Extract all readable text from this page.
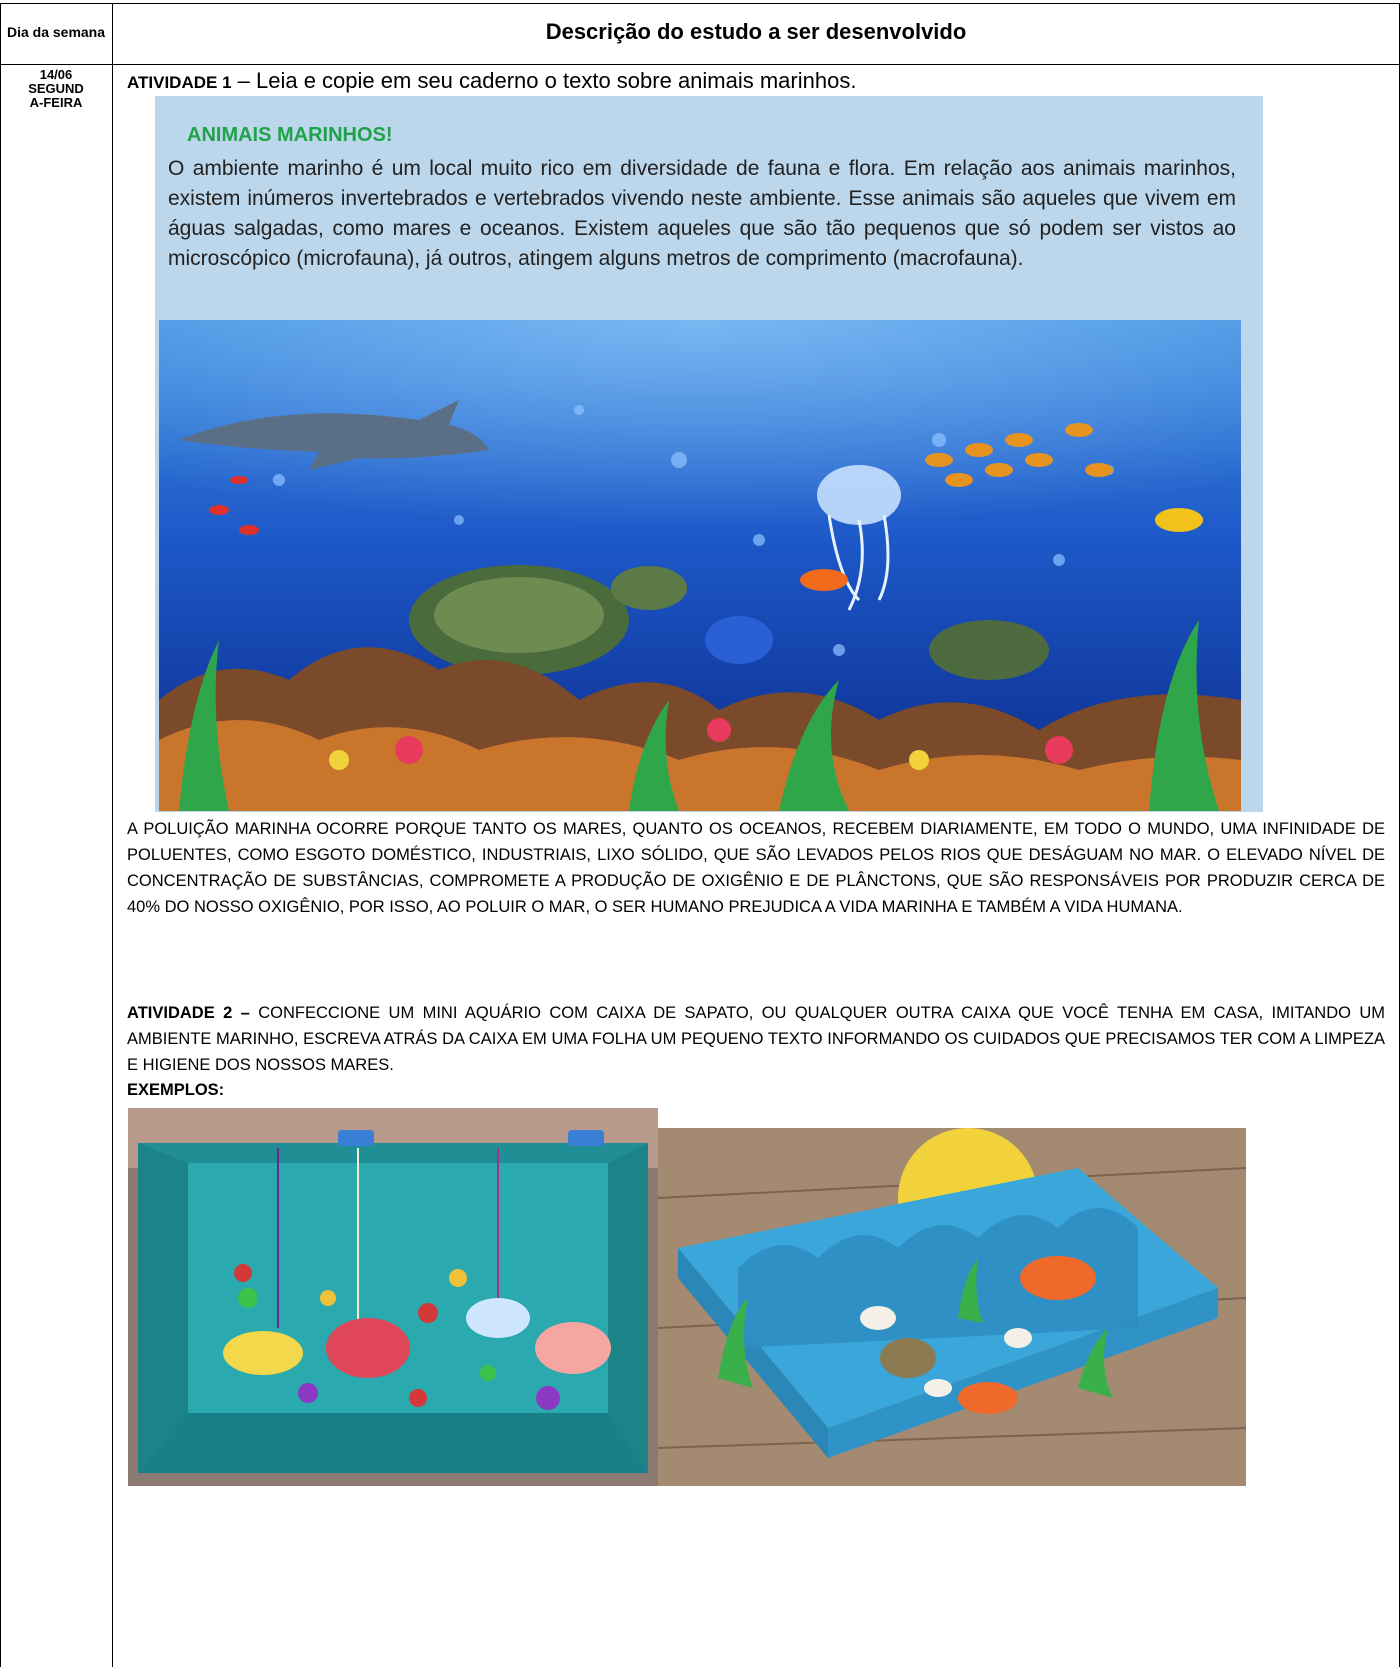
Dia da semana	Descrição do estudo a ser desenvolvido
14/06
SEGUND
A-FEIRA
ATIVIDADE 1 – Leia e copie em seu caderno o texto sobre animais marinhos.
ANIMAIS MARINHOS!
O ambiente marinho é um local muito rico em diversidade de fauna e flora. Em relação aos animais marinhos, existem inúmeros invertebrados e vertebrados vivendo neste ambiente. Esse animais são aqueles que vivem em águas salgadas, como mares e oceanos. Existem aqueles que são tão pequenos que só podem ser vistos ao microscópico (microfauna), já outros, atingem alguns metros de comprimento (macrofauna).
A POLUIÇÃO MARINHA OCORRE PORQUE TANTO OS MARES, QUANTO OS OCEANOS, RECEBEM DIARIAMENTE, EM TODO O MUNDO, UMA INFINIDADE DE POLUENTES, COMO ESGOTO DOMÉSTICO, INDUSTRIAIS, LIXO SÓLIDO, QUE SÃO LEVADOS PELOS RIOS QUE DESÁGUAM NO MAR. O ELEVADO NÍVEL DE CONCENTRAÇÃO DE SUBSTÂNCIAS, COMPROMETE A PRODUÇÃO DE OXIGÊNIO E DE PLÂNCTONS, QUE SÃO RESPONSÁVEIS POR PRODUZIR CERCA DE 40% DO NOSSO OXIGÊNIO, POR ISSO, AO POLUIR O MAR, O SER HUMANO PREJUDICA A VIDA MARINHA E TAMBÉM A VIDA HUMANA.
ATIVIDADE 2 – CONFECCIONE UM MINI AQUÁRIO COM CAIXA DE SAPATO, OU QUALQUER OUTRA CAIXA QUE VOCÊ TENHA EM CASA, IMITANDO UM AMBIENTE MARINHO, ESCREVA ATRÁS DA CAIXA EM UMA FOLHA UM PEQUENO TEXTO INFORMANDO OS CUIDADOS QUE PRECISAMOS TER COM A LIMPEZA E HIGIENE DOS NOSSOS MARES.
EXEMPLOS:
